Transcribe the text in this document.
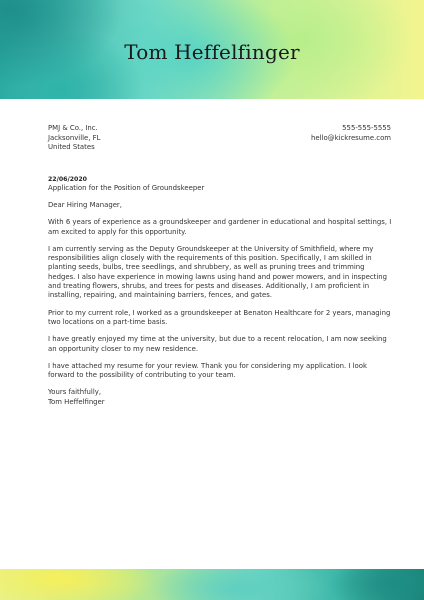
Tom Heffelfinger
PMJ & Co., Inc.
Jacksonville, FL
United States
555-555-5555
hello@kickresume.com
22/06/2020
Application for the Position of Groundskeeper

Dear Hiring Manager,

With 6 years of experience as a groundskeeper and gardener in educational and hospital settings, I am excited to apply for this opportunity.

I am currently serving as the Deputy Groundskeeper at the University of Smithfield, where my responsibilities align closely with the requirements of this position. Specifically, I am skilled in planting seeds, bulbs, tree seedlings, and shrubbery, as well as pruning trees and trimming hedges. I also have experience in mowing lawns using hand and power mowers, and in inspecting and treating flowers, shrubs, and trees for pests and diseases. Additionally, I am proficient in installing, repairing, and maintaining barriers, fences, and gates.

Prior to my current role, I worked as a groundskeeper at Benaton Healthcare for 2 years, managing two locations on a part-time basis.

I have greatly enjoyed my time at the university, but due to a recent relocation, I am now seeking an opportunity closer to my new residence.

I have attached my resume for your review. Thank you for considering my application. I look forward to the possibility of contributing to your team.

Yours faithfully,
Tom Heffelfinger
